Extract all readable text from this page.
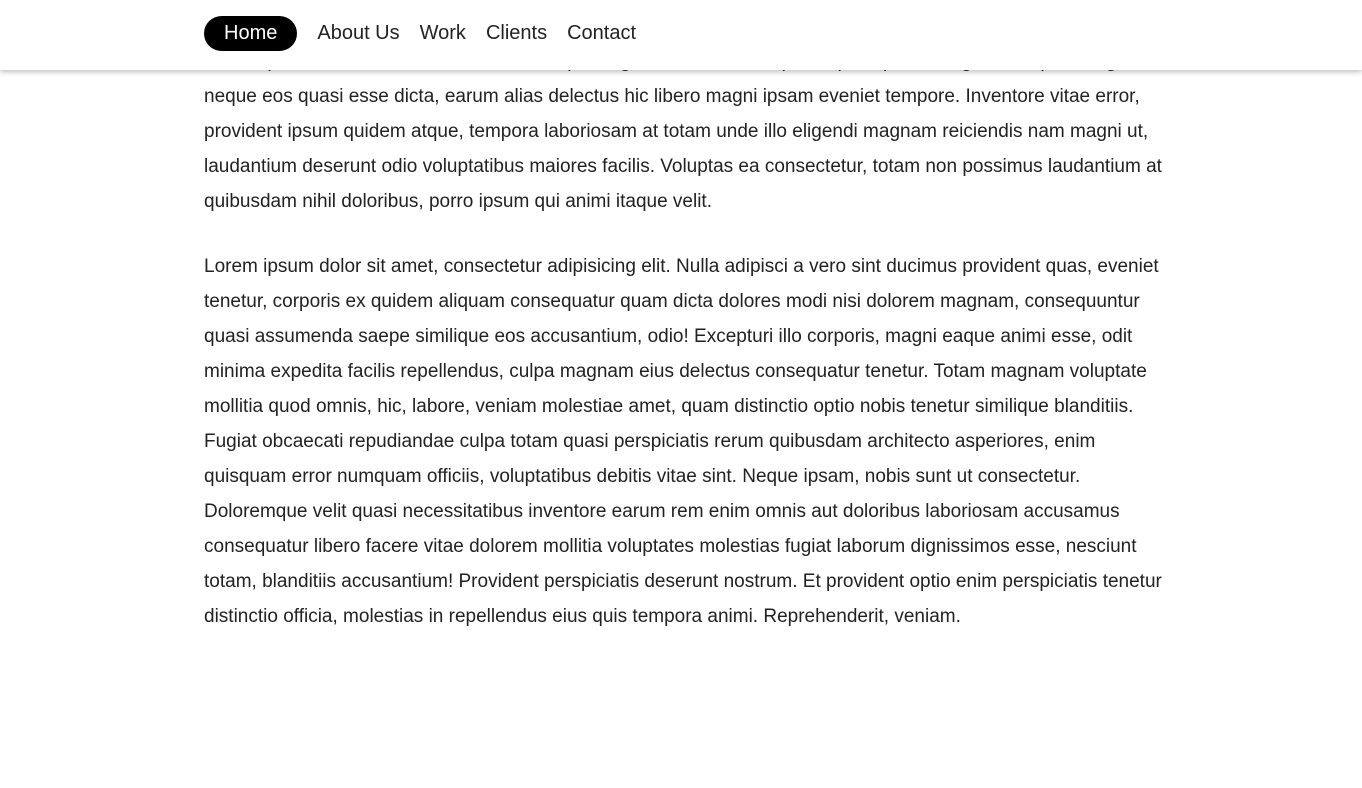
neque eos quasi esse dicta, earum alias delectus hic libero magni ipsam eveniet tempore. Inventore vitae error, provident ipsum quidem atque, tempora laboriosam at totam unde illo eligendi magnam reiciendis nam magni ut, laudantium deserunt odio voluptatibus maiores facilis. Voluptas ea consectetur, totam non possimus laudantium at quibusdam nihil doloribus, porro ipsum qui animi itaque velit.

Lorem ipsum dolor sit amet, consectetur adipisicing elit. Nulla adipisci a vero sint ducimus provident quas, eveniet tenetur, corporis ex quidem aliquam consequatur quam dicta dolores modi nisi dolorem magnam, consequuntur quasi assumenda saepe similique eos accusantium, odio! Excepturi illo corporis, magni eaque animi esse, odit minima expedita facilis repellendus, culpa magnam eius delectus consequatur tenetur. Totam magnam voluptate mollitia quod omnis, hic, labore, veniam molestiae amet, quam distinctio optio nobis tenetur similique blanditiis. Fugiat obcaecati repudiandae culpa totam quasi perspiciatis rerum quibusdam architecto asperiores, enim quisquam error numquam officiis, voluptatibus debitis vitae sint. Neque ipsam, nobis sunt ut consectetur. Doloremque velit quasi necessitatibus inventore earum rem enim omnis aut doloribus laboriosam accusamus consequatur libero facere vitae dolorem mollitia voluptates molestias fugiat laborum dignissimos esse, nesciunt totam, blanditiis accusantium! Provident perspiciatis deserunt nostrum. Et provident optio enim perspiciatis tenetur distinctio officia, molestias in repellendus eius quis tempora animi. Reprehenderit, veniam.

Home	About Us	Work	Clients	Contact
